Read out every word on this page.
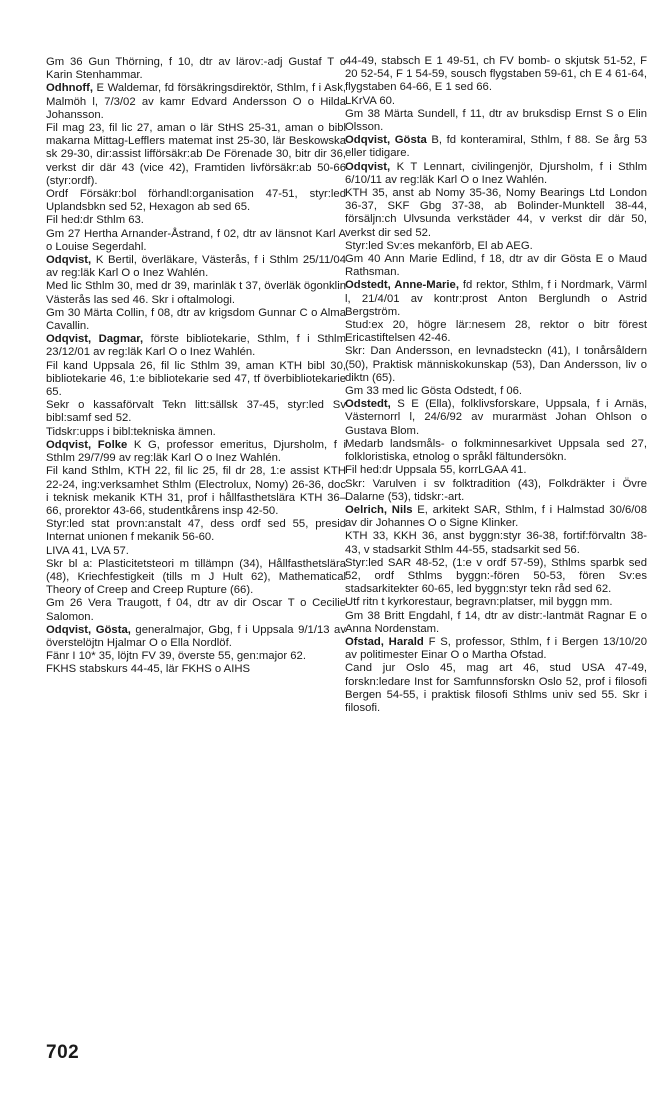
Gm 36 Gun Thörning, f 10, dtr av lärov:-adj Gustaf T o Karin Stenhammar.

Odhnoff, E Waldemar, fd försäkringsdirektör, Sthlm, f i Ask, Malmöh l, 7/3/02 av kamr Edvard Andersson O o Hilda Johansson.

Fil mag 23, fil lic 27, aman o lär StHS 25-31, aman o bibl makarna Mittag-Lefflers matemat inst 25-30, lär Beskowska sk 29-30, dir:assist lifförsäkr:ab De Förenade 30, bitr dir 36, verkst dir där 43 (vice 42), Framtiden livförsäkr:ab 50-66 (styr:ordf).

Ordf Försäkr:bol förhandl:organisation 47-51, styr:led Uplandsbkn sed 52, Hexagon ab sed 65.

Fil hed:dr Sthlm 63.

Gm 27 Hertha Arnander-Åstrand, f 02, dtr av länsnot Karl A o Louise Segerdahl.

Odqvist, K Bertil, överläkare, Västerås, f i Sthlm 25/11/04 av reg:läk Karl O o Inez Wahlén.

Med lic Sthlm 30, med dr 39, marinläk t 37, överläk ögonklin Västerås las sed 46. Skr i oftalmologi.

Gm 30 Märta Collin, f 08, dtr av krigsdom Gunnar C o Alma Cavallin.

Odqvist, Dagmar, förste bibliotekarie, Sthlm, f i Sthlm 23/12/01 av reg:läk Karl O o Inez Wahlén.

Fil kand Uppsala 26, fil lic Sthlm 39, aman KTH bibl 30, bibliotekarie 46, 1:e bibliotekarie sed 47, tf överbibliotekarie 65.

Sekr o kassaförvalt Tekn litt:sällsk 37-45, styr:led Sv bibl:samf sed 52.

Tidskr:upps i bibl:tekniska ämnen.

Odqvist, Folke K G, professor emeritus, Djursholm, f i Sthlm 29/7/99 av reg:läk Karl O o Inez Wahlén.

Fil kand Sthlm, KTH 22, fil lic 25, fil dr 28, 1:e assist KTH 22-24, ing:verksamhet Sthlm (Electrolux, Nomy) 26-36, doc i teknisk mekanik KTH 31, prof i hållfasthetslära KTH 36–66, prorektor 43-66, studentkårens insp 42-50.

Styr:led stat provn:anstalt 47, dess ordf sed 55, presid Internat unionen f mekanik 56-60.

LIVA 41, LVA 57.

Skr bl a: Plasticitetsteori m tillämpn (34), Hållfasthetslära (48), Kriechfestigkeit (tills m J Hult 62), Mathematical Theory of Creep and Creep Rupture (66).

Gm 26 Vera Traugott, f 04, dtr av dir Oscar T o Cecilie Salomon.

Odqvist, Gösta, generalmajor, Gbg, f i Uppsala 9/1/13 av överstelöjtn Hjalmar O o Ella Nordlöf.

Fänr I 10* 35, löjtn FV 39, överste 55, gen:major 62.

FKHS stabskurs 44-45, lär FKHS o AIHS

44-49, stabsch E 1 49-51, ch FV bomb- o skjutsk 51-52, F 20 52-54, F 1 54-59, sousch flygstaben 59-61, ch E 4 61-64, flygstaben 64-66, E 1 sed 66.

LKrVA 60.

Gm 38 Märta Sundell, f 11, dtr av bruksdisp Ernst S o Elin Olsson.

Odqvist, Gösta B, fd konteramiral, Sthlm, f 88. Se årg 53 eller tidigare.

Odqvist, K T Lennart, civilingenjör, Djursholm, f i Sthlm 6/10/11 av reg:läk Karl O o Inez Wahlén.

KTH 35, anst ab Nomy 35-36, Nomy Bearings Ltd London 36-37, SKF Gbg 37-38, ab Bolinder-Munktell 38-44, försäljn:ch Ulvsunda verkstäder 44, v verkst dir där 50, verkst dir sed 52.

Styr:led Sv:es mekanförb, El ab AEG.

Gm 40 Ann Marie Edlind, f 18, dtr av dir Gösta E o Maud Rathsman.

Odstedt, Anne-Marie, fd rektor, Sthlm, f i Nordmark, Värml l, 21/4/01 av kontr:prost Anton Berglundh o Astrid Bergström.

Stud:ex 20, högre lär:nesem 28, rektor o bitr förest Ericastiftelsen 42-46.

Skr: Dan Andersson, en levnadsteckn (41), I tonårsåldern (50), Praktisk människokunskap (53), Dan Andersson, liv o diktn (65).

Gm 33 med lic Gösta Odstedt, f 06.

Odstedt, S E (Ella), folklivsforskare, Uppsala, f i Arnäs, Västernorrl l, 24/6/92 av murarmäst Johan Ohlson o Gustava Blom.

Medarb landsmåls- o folkminnesarkivet Uppsala sed 27, folkloristiska, etnolog o språkl fältundersökn.

Fil hed:dr Uppsala 55, korrLGAA 41.

Skr: Varulven i sv folktradition (43), Folkdräkter i Övre Dalarne (53), tidskr:-art.

Oelrich, Nils E, arkitekt SAR, Sthlm, f i Halmstad 30/6/08 av dir Johannes O o Signe Klinker.

KTH 33, KKH 36, anst byggn:styr 36-38, fortif:förvaltn 38-43, v stadsarkit Sthlm 44-55, stadsarkit sed 56.

Styr:led SAR 48-52, (1:e v ordf 57-59), Sthlms sparbk sed 52, ordf Sthlms byggn:-fören 50-53, fören Sv:es stadsarkitekter 60-65, led byggn:styr tekn råd sed 62.

Utf ritn t kyrkorestaur, begravn:platser, mil byggn mm.

Gm 38 Britt Engdahl, f 14, dtr av distr:-lantmät Ragnar E o Anna Nordenstam.

Ofstad, Harald F S, professor, Sthlm, f i Bergen 13/10/20 av politimester Einar O o Martha Ofstad.

Cand jur Oslo 45, mag art 46, stud USA 47-49, forskn:ledare Inst for Samfunnsforskn Oslo 52, prof i filosofi Bergen 54-55, i praktisk filosofi Sthlms univ sed 55. Skr i filosofi.

702
